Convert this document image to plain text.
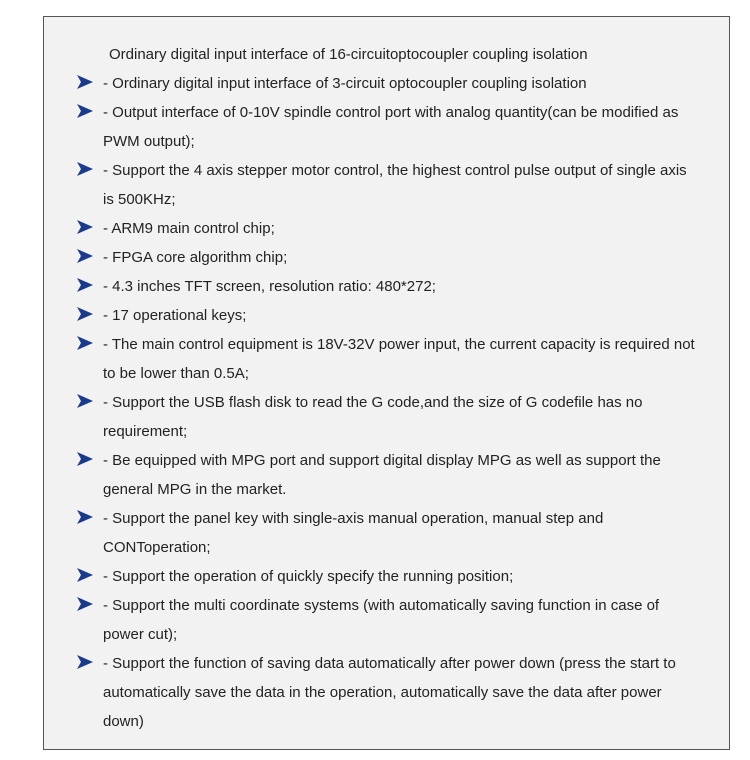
Ordinary digital input interface of 16-circuitoptocoupler coupling isolation
- Ordinary digital input interface of 3-circuit optocoupler coupling isolation
- Output interface of 0-10V spindle control port with analog quantity(can be modified as PWM output);
- Support the 4 axis stepper motor control, the highest control pulse output of single axis is 500KHz;
- ARM9 main control chip;
- FPGA core algorithm chip;
- 4.3 inches TFT screen, resolution ratio: 480*272;
- 17 operational keys;
- The main control equipment is 18V-32V power input, the current capacity is required not to be lower than 0.5A;
- Support the USB flash disk to read the G code,and the size of G codefile has no requirement;
- Be equipped with MPG port and support digital display MPG as well as support the general MPG in the market.
- Support the panel key with single-axis manual operation, manual step and CONToperation;
- Support the operation of quickly specify the running position;
- Support the multi coordinate systems (with automatically saving function in case of power cut);
- Support the function of saving data automatically after power down (press the start to automatically save the data in the operation, automatically save the data after power down)
